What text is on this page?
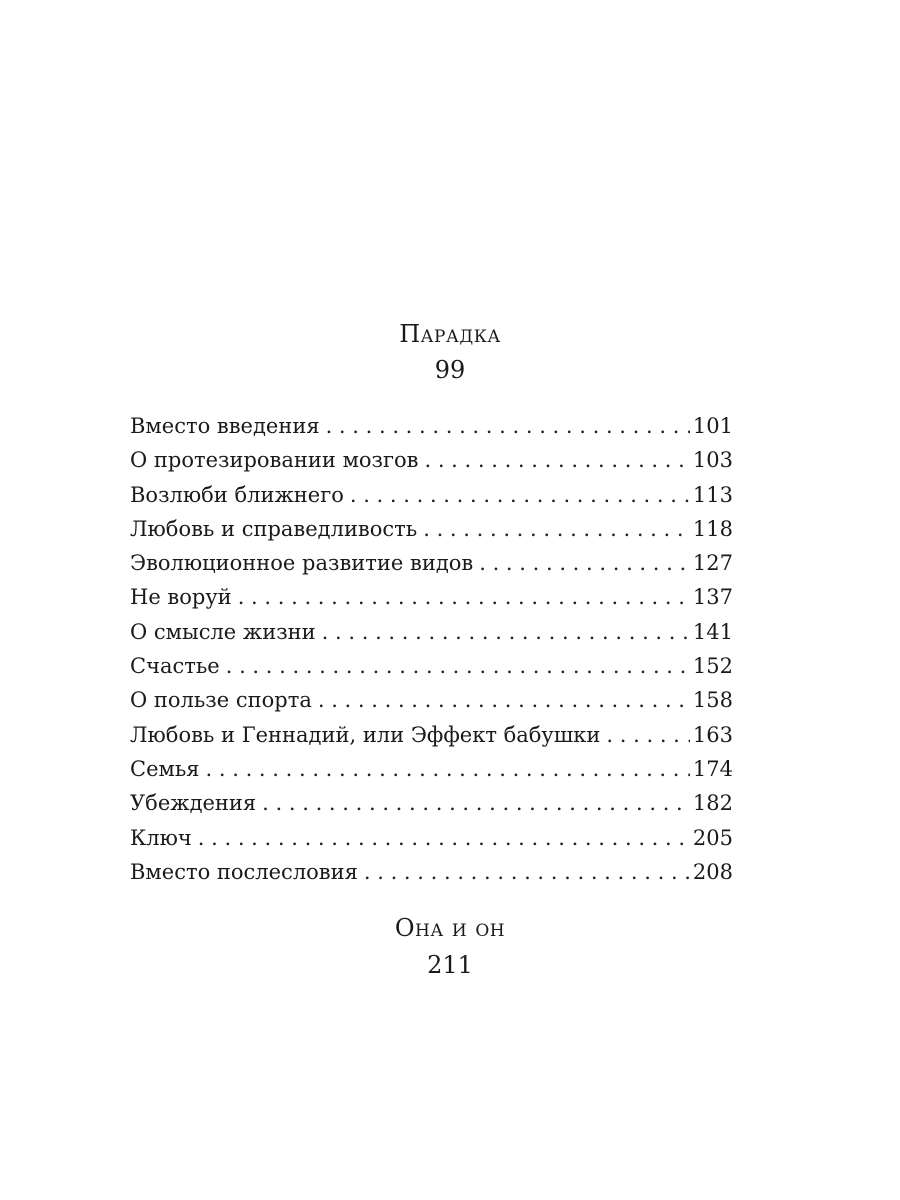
Парадка
99
Вместо введения . . .	101
О протезировании мозгов . . .	103
Возлюби ближнего . . .	113
Любовь и справедливость . . .	118
Эволюционное развитие видов . . .	127
Не воруй . . .	137
О смысле жизни . . .	141
Счастье . . .	152
О пользе спорта . . .	158
Любовь и Геннадий, или Эффект бабушки . . .	163
Семья . . .	174
Убеждения . . .	182
Ключ . . .	205
Вместо послесловия . . .	208
Она и он
211
